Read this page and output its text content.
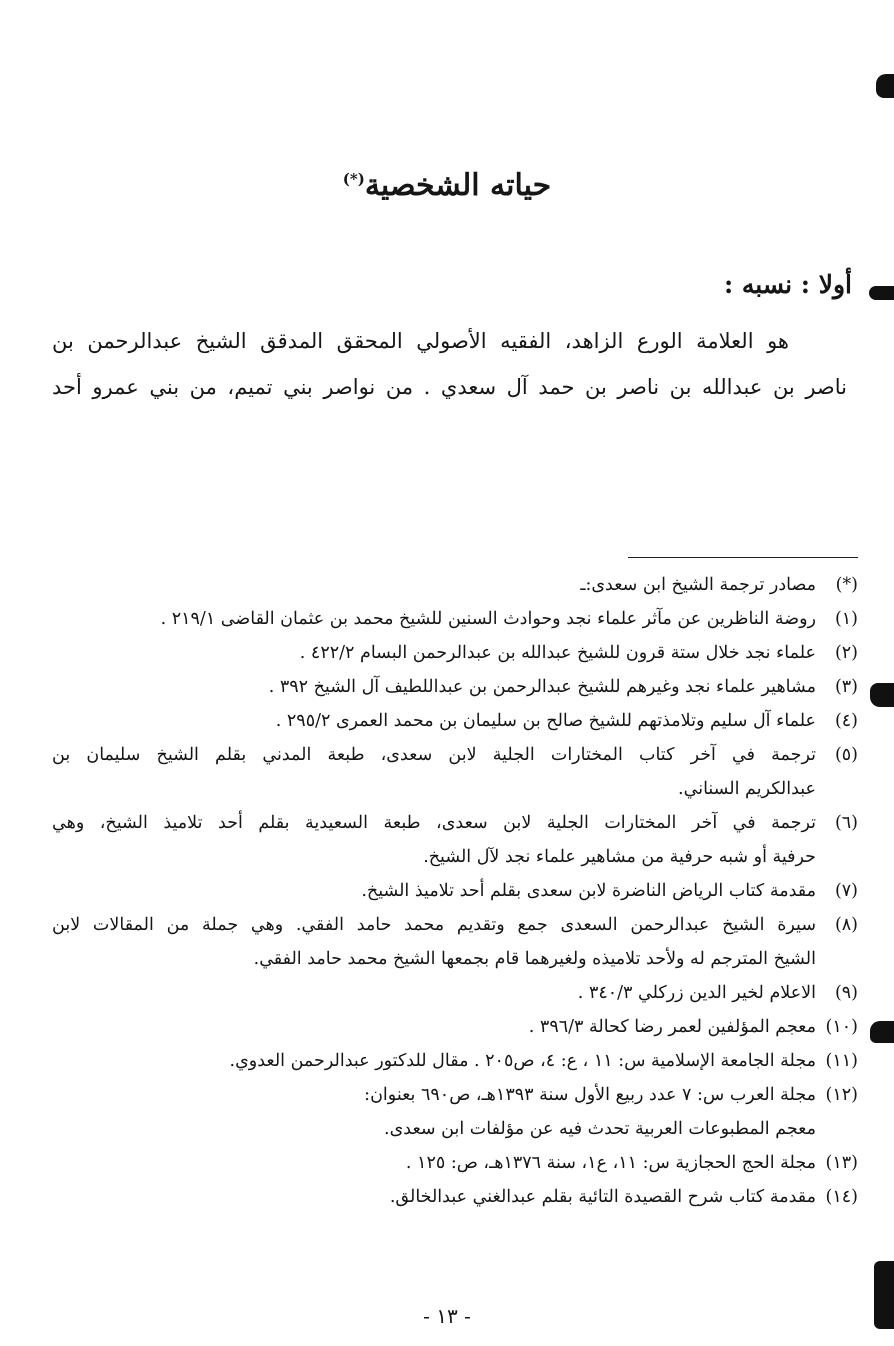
حياته الشخصية(*)
أولا : نسبه :
هو العلامة الورع الزاهد، الفقيه الأصولي المحقق المدقق الشيخ عبدالرحمن بن
ناصر بن عبدالله بن ناصر بن حمد آل سعدي . من نواصر بني تميم، من بني عمرو أحد
(*)
مصادر ترجمة الشيخ ابن سعدى:ـ
(١)
روضة الناظرين عن مآثر علماء نجد وحوادث السنين للشيخ محمد بن عثمان القاضى ٢١٩/١ .
(٢)
علماء نجد خلال ستة قرون للشيخ عبدالله بن عبدالرحمن البسام ٤٢٢/٢ .
(٣)
مشاهير علماء نجد وغيرهم للشيخ عبدالرحمن بن عبداللطيف آل الشيخ ٣٩٢ .
(٤)
علماء آل سليم وتلامذتهم للشيخ صالح بن سليمان بن محمد العمرى ٢٩٥/٢ .
(٥)
ترجمة في آخر كتاب المختارات الجلية لابن سعدى، طبعة المدني بقلم الشيخ سليمان بن
عبدالكريم السناني.
(٦)
ترجمة في آخر المختارات الجلية لابن سعدى، طبعة السعيدية بقلم أحد تلاميذ الشيخ، وهي
حرفية أو شبه حرفية من مشاهير علماء نجد لآل الشيخ.
(٧)
مقدمة كتاب الرياض الناضرة لابن سعدى بقلم أحد تلاميذ الشيخ.
(٨)
سيرة الشيخ عبدالرحمن السعدى جمع وتقديم محمد حامد الفقي. وهي جملة من المقالات لابن
الشيخ المترجم له ولأحد تلاميذه ولغيرهما قام بجمعها الشيخ محمد حامد الفقي.
(٩)
الاعلام لخير الدين زركلي ٣٤٠/٣ .
(١٠)
معجم المؤلفين لعمر رضا كحالة ٣٩٦/٣ .
(١١)
مجلة الجامعة الإسلامية س: ١١ ، ع: ٤، ص٢٠٥ . مقال للدكتور عبدالرحمن العدوي.
(١٢)
مجلة العرب س: ٧ عدد ربيع الأول سنة ١٣٩٣هـ، ص٦٩٠ بعنوان:
معجم المطبوعات العربية تحدث فيه عن مؤلفات ابن سعدى.
(١٣)
مجلة الحج الحجازية س: ١١، ع١، سنة ١٣٧٦هـ، ص: ١٢٥ .
(١٤)
مقدمة كتاب شرح القصيدة التائية بقلم عبدالغني عبدالخالق.
- ١٣ -
